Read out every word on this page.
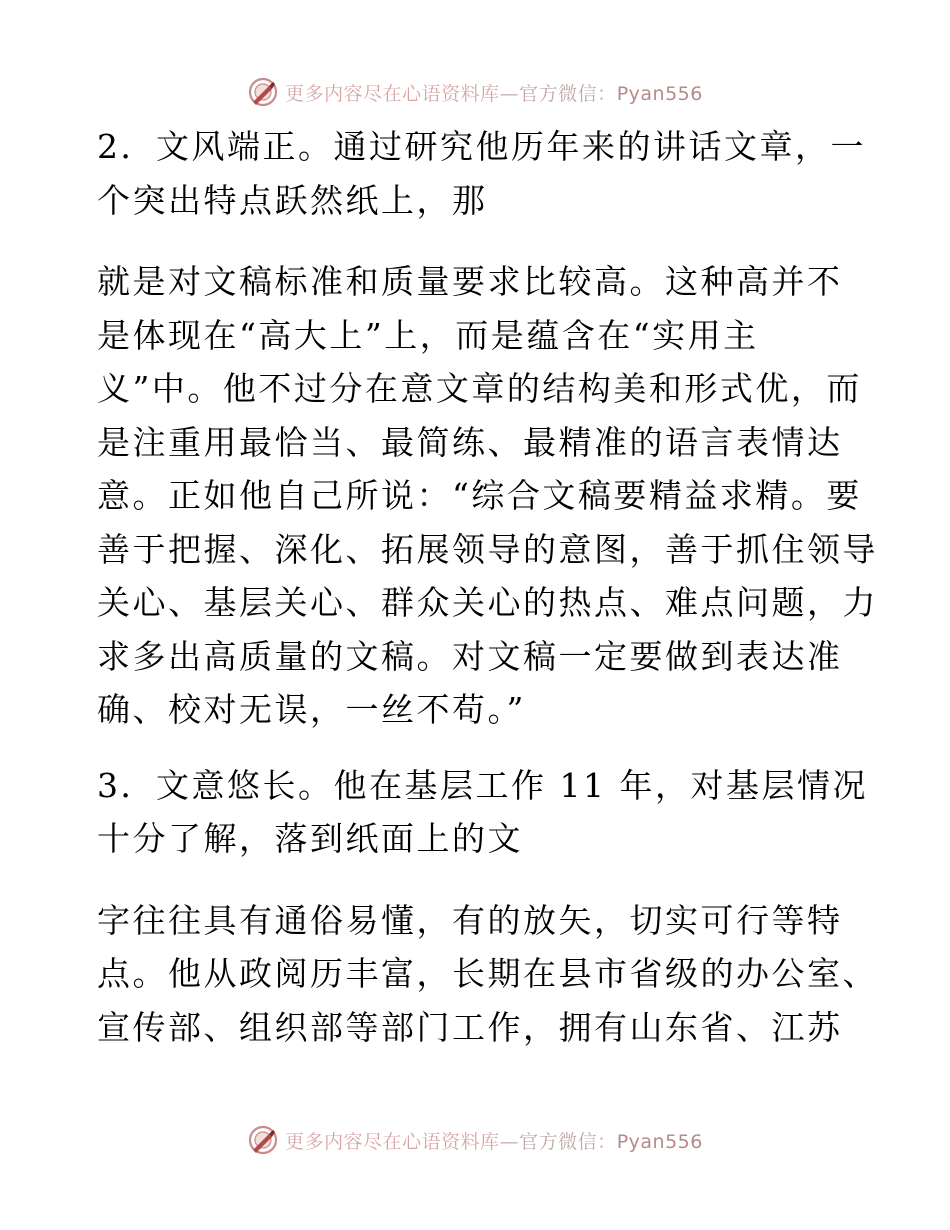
更多内容尽在心语资料库—官方微信：Pyan556

2．文风端正。通过研究他历年来的讲话文章，一
个突出特点跃然纸上，那

就是对文稿标准和质量要求比较高。这种高并不
是体现在“高大上”上，而是蕴含在“实用主
义”中。他不过分在意文章的结构美和形式优，而
是注重用最恰当、最简练、最精准的语言表情达
意。正如他自己所说：“综合文稿要精益求精。要
善于把握、深化、拓展领导的意图，善于抓住领导
关心、基层关心、群众关心的热点、难点问题，力
求多出高质量的文稿。对文稿一定要做到表达准
确、校对无误，一丝不苟。”

3．文意悠长。他在基层工作 11 年，对基层情况
十分了解，落到纸面上的文

字往往具有通俗易懂，有的放矢，切实可行等特
点。他从政阅历丰富，长期在县市省级的办公室、
宣传部、组织部等部门工作，拥有山东省、江苏

更多内容尽在心语资料库—官方微信：Pyan556
